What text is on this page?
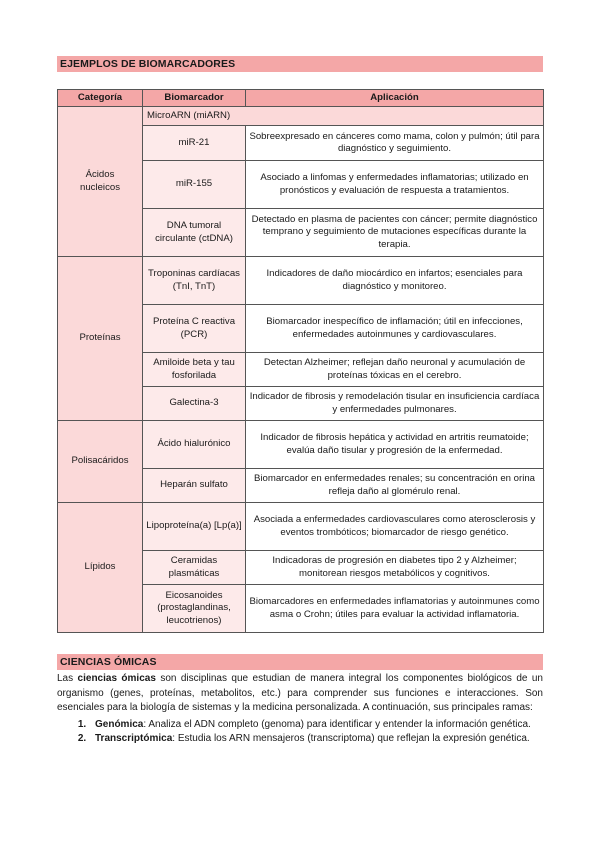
EJEMPLOS DE BIOMARCADORES
Categoría	Biomarcador	Aplicación
Ácidos nucleicos	MicroARN (miARN)	
	miR-21	Sobreexpresado en cánceres como mama, colon y pulmón; útil para diagnóstico y seguimiento.
	miR-155	Asociado a linfomas y enfermedades inflamatorias; utilizado en pronósticos y evaluación de respuesta a tratamientos.
	DNA tumoral circulante (ctDNA)	Detectado en plasma de pacientes con cáncer; permite diagnóstico temprano y seguimiento de mutaciones específicas durante la terapia.
Proteínas	Troponinas cardíacas (TnI, TnT)	Indicadores de daño miocárdico en infartos; esenciales para diagnóstico y monitoreo.
	Proteína C reactiva (PCR)	Biomarcador inespecífico de inflamación; útil en infecciones, enfermedades autoinmunes y cardiovasculares.
	Amiloide beta y tau fosforilada	Detectan Alzheimer; reflejan daño neuronal y acumulación de proteínas tóxicas en el cerebro.
	Galectina-3	Indicador de fibrosis y remodelación tisular en insuficiencia cardíaca y enfermedades pulmonares.
Polisacáridos	Ácido hialurónico	Indicador de fibrosis hepática y actividad en artritis reumatoide; evalúa daño tisular y progresión de la enfermedad.
	Heparán sulfato	Biomarcador en enfermedades renales; su concentración en orina refleja daño al glomérulo renal.
Lípidos	Lipoproteína(a) [Lp(a)]	Asociada a enfermedades cardiovasculares como aterosclerosis y eventos trombóticos; biomarcador de riesgo genético.
	Ceramidas plasmáticas	Indicadoras de progresión en diabetes tipo 2 y Alzheimer; monitorean riesgos metabólicos y cognitivos.
	Eicosanoides (prostaglandinas, leucotrienos)	Biomarcadores en enfermedades inflamatorias y autoinmunes como asma o Crohn; útiles para evaluar la actividad inflamatoria.
CIENCIAS ÓMICAS

Las ciencias ómicas son disciplinas que estudian de manera integral los componentes biológicos de un organismo (genes, proteínas, metabolitos, etc.) para comprender sus funciones e interacciones. Son esenciales para la biología de sistemas y la medicina personalizada. A continuación, sus principales ramas:

1. Genómica: Analiza el ADN completo (genoma) para identificar y entender la información genética.
2. Transcriptómica: Estudia los ARN mensajeros (transcriptoma) que reflejan la expresión genética.
